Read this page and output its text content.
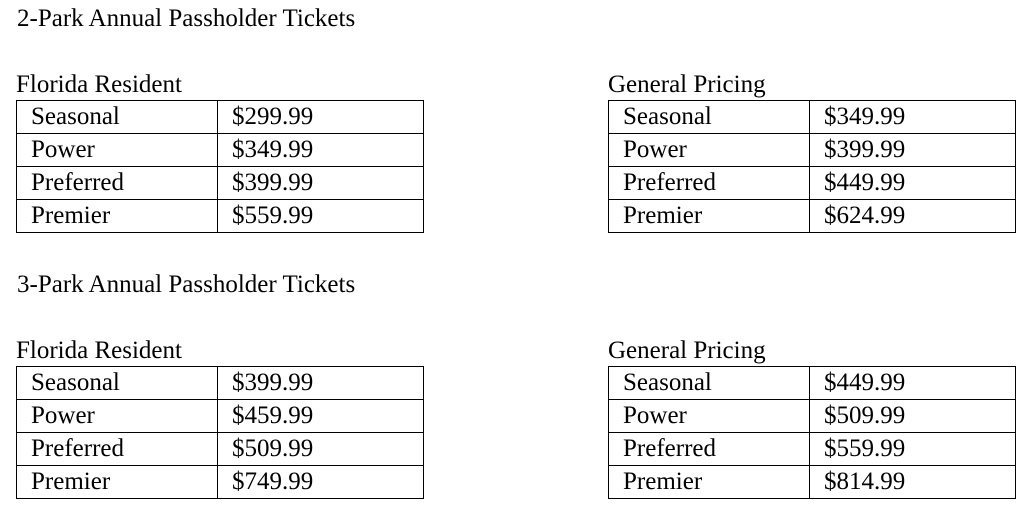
2-Park Annual Passholder Tickets
Florida Resident
Seasonal	$299.99
Power	$349.99
Preferred	$399.99
Premier	$559.99
General Pricing
Seasonal	$349.99
Power	$399.99
Preferred	$449.99
Premier	$624.99
3-Park Annual Passholder Tickets
Florida Resident
Seasonal	$399.99
Power	$459.99
Preferred	$509.99
Premier	$749.99
General Pricing
Seasonal	$449.99
Power	$509.99
Preferred	$559.99
Premier	$814.99
